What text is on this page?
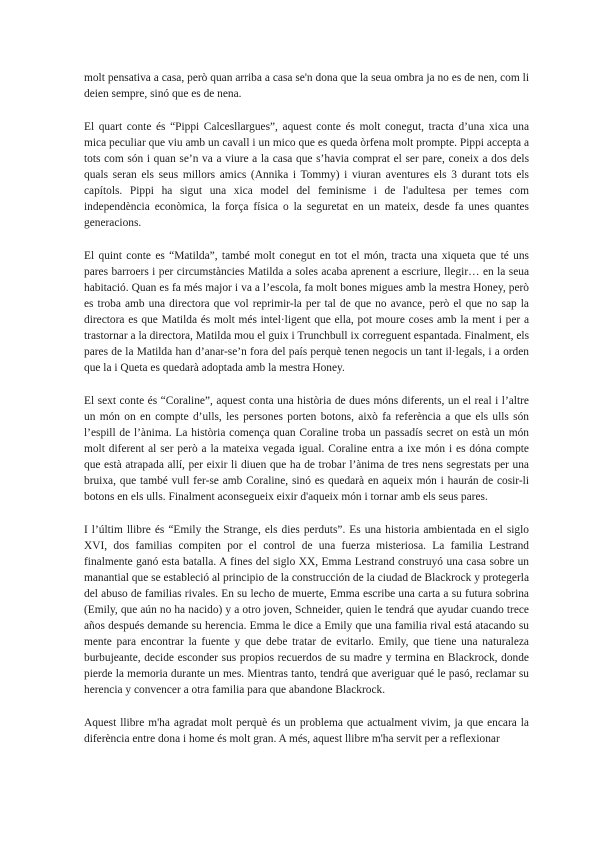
molt pensativa a casa, però quan arriba a casa se'n dona que la seua ombra ja no es de nen, com li deien sempre, sinó que es de nena.

El quart conte és “Pippi Calcesllargues”, aquest conte és molt conegut, tracta d’una xica una mica peculiar que viu amb un cavall i un mico que es queda òrfena molt prompte. Pippi accepta a tots com són i quan se’n va a viure a la casa que s’havia comprat el ser pare, coneix a dos dels quals seran els seus millors amics (Annika i Tommy) i viuran aventures els 3 durant tots els capítols. Pippi ha sigut una xica model del feminisme i de l'adultesa per temes com independència econòmica, la força física o la seguretat en un mateix, desde fa unes quantes generacions.

El quint conte es “Matilda”, també molt conegut en tot el món, tracta una xiqueta que té uns pares barroers i per circumstàncies Matilda a soles acaba aprenent a escriure, llegir… en la seua habitació. Quan es fa més major i va a l’escola, fa molt bones migues amb la mestra Honey, però es troba amb una directora que vol reprimir-la per tal de que no avance, però el que no sap la directora es que Matilda és molt més intel·ligent que ella, pot moure coses amb la ment i per a trastornar a la directora, Matilda mou el guix i Trunchbull ix correguent espantada. Finalment, els pares de la Matilda han d’anar-se’n fora del país perquè tenen negocis un tant il·legals, i a orden que la i Queta es quedarà adoptada amb la mestra Honey.

El sext conte és “Coraline”, aquest conta una història de dues móns diferents, un el real i l’altre un món on en compte d’ulls, les persones porten botons, això fa referència a que els ulls són l’espill de l’ànima. La història comença quan Coraline troba un passadís secret on està un món molt diferent al ser però a la mateixa vegada igual. Coraline entra a ixe món i es dóna compte que està atrapada allí, per eixir li diuen que ha de trobar l’ànima de tres nens segrestats per una bruixa, que també vull fer-se amb Coraline, sinó es quedarà en aqueix món i haurán de cosir-li botons en els ulls. Finalment aconsegueix eixir d'aqueix món i tornar amb els seus pares.

I l’últim llibre és “Emily the Strange, els dies perduts”. Es una historia ambientada en el siglo XVI, dos familias compiten por el control de una fuerza misteriosa. La familia Lestrand finalmente ganó esta batalla. A fines del siglo XX, Emma Lestrand construyó una casa sobre un manantial que se estableció al principio de la construcción de la ciudad de Blackrock y protegerla del abuso de familias rivales. En su lecho de muerte, Emma escribe una carta a su futura sobrina (Emily, que aún no ha nacido) y a otro joven, Schneider, quien le tendrá que ayudar cuando trece años después demande su herencia. Emma le dice a Emily que una familia rival está atacando su mente para encontrar la fuente y que debe tratar de evitarlo. Emily, que tiene una naturaleza burbujeante, decide esconder sus propios recuerdos de su madre y termina en Blackrock, donde pierde la memoria durante un mes. Mientras tanto, tendrá que averiguar qué le pasó, reclamar su herencia y convencer a otra familia para que abandone Blackrock.

Aquest llibre m'ha agradat molt perquè és un problema que actualment vivim, ja que encara la diferència entre dona i home és molt gran. A més, aquest llibre m'ha servit per a reflexionar
